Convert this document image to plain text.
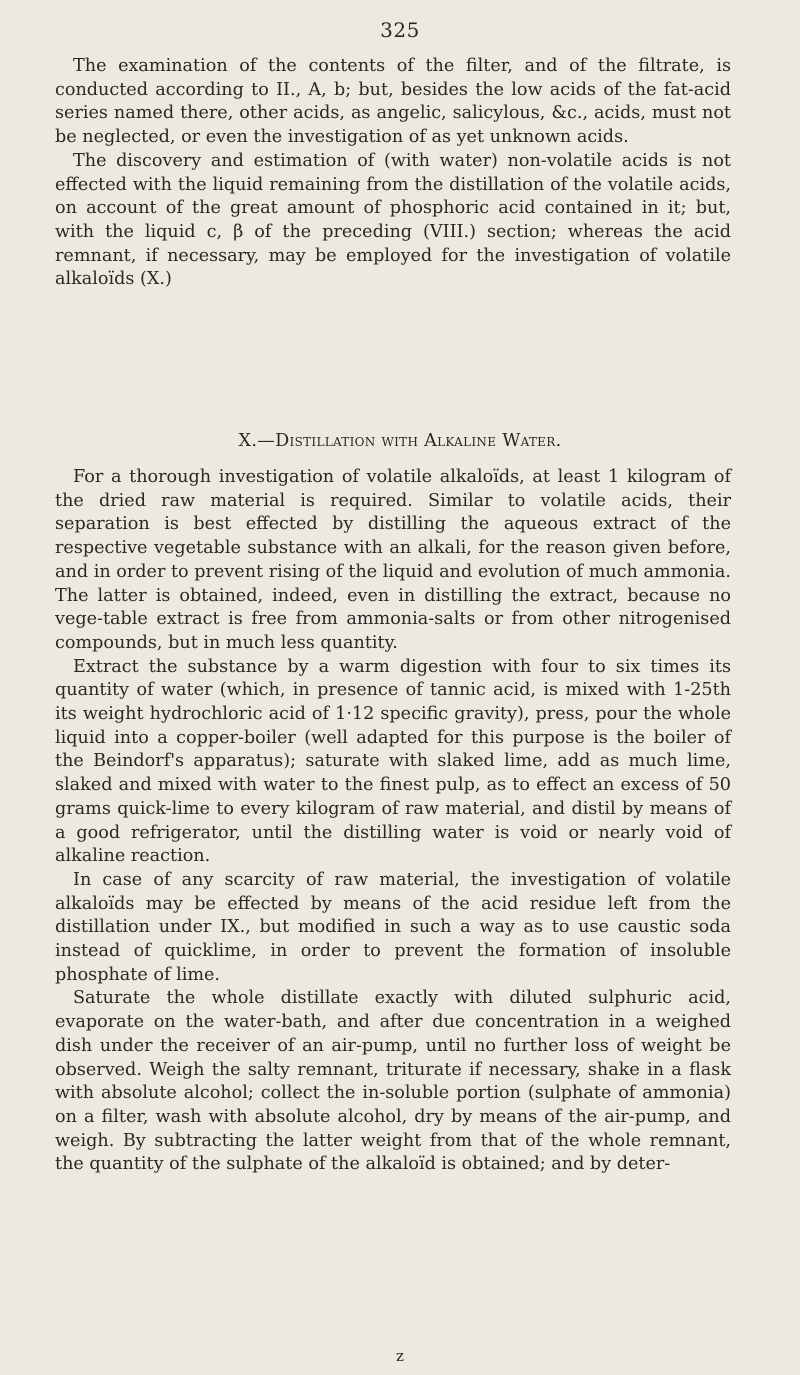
325

The examination of the contents of the filter, and of the filtrate, is conducted according to II., A, b; but, besides the low acids of the fat-acid series named there, other acids, as angelic, salicylous, &c., acids, must not be neglected, or even the investigation of as yet unknown acids.

The discovery and estimation of (with water) non-volatile acids is not effected with the liquid remaining from the distillation of the volatile acids, on account of the great amount of phosphoric acid contained in it; but, with the liquid c, β of the preceding (VIII.) section; whereas the acid remnant, if necessary, may be employed for the investigation of volatile alkaloïds (X.)

X.—Distillation with Alkaline Water.

For a thorough investigation of volatile alkaloïds, at least 1 kilogram of the dried raw material is required. Similar to volatile acids, their separation is best effected by distilling the aqueous extract of the respective vegetable substance with an alkali, for the reason given before, and in order to prevent rising of the liquid and evolution of much ammonia. The latter is obtained, indeed, even in distilling the extract, because no vege-table extract is free from ammonia-salts or from other nitrogenised compounds, but in much less quantity.

Extract the substance by a warm digestion with four to six times its quantity of water (which, in presence of tannic acid, is mixed with 1-25th its weight hydrochloric acid of 1·12 specific gravity), press, pour the whole liquid into a copper-boiler (well adapted for this purpose is the boiler of the Beindorf's apparatus); saturate with slaked lime, add as much lime, slaked and mixed with water to the finest pulp, as to effect an excess of 50 grams quick-lime to every kilogram of raw material, and distil by means of a good refrigerator, until the distilling water is void or nearly void of alkaline reaction.

In case of any scarcity of raw material, the investigation of volatile alkaloïds may be effected by means of the acid residue left from the distillation under IX., but modified in such a way as to use caustic soda instead of quicklime, in order to prevent the formation of insoluble phosphate of lime.

Saturate the whole distillate exactly with diluted sulphuric acid, evaporate on the water-bath, and after due concentration in a weighed dish under the receiver of an air-pump, until no further loss of weight be observed. Weigh the salty remnant, triturate if necessary, shake in a flask with absolute alcohol; collect the in-soluble portion (sulphate of ammonia) on a filter, wash with absolute alcohol, dry by means of the air-pump, and weigh. By subtracting the latter weight from that of the whole remnant, the quantity of the sulphate of the alkaloïd is obtained; and by deter-

z
